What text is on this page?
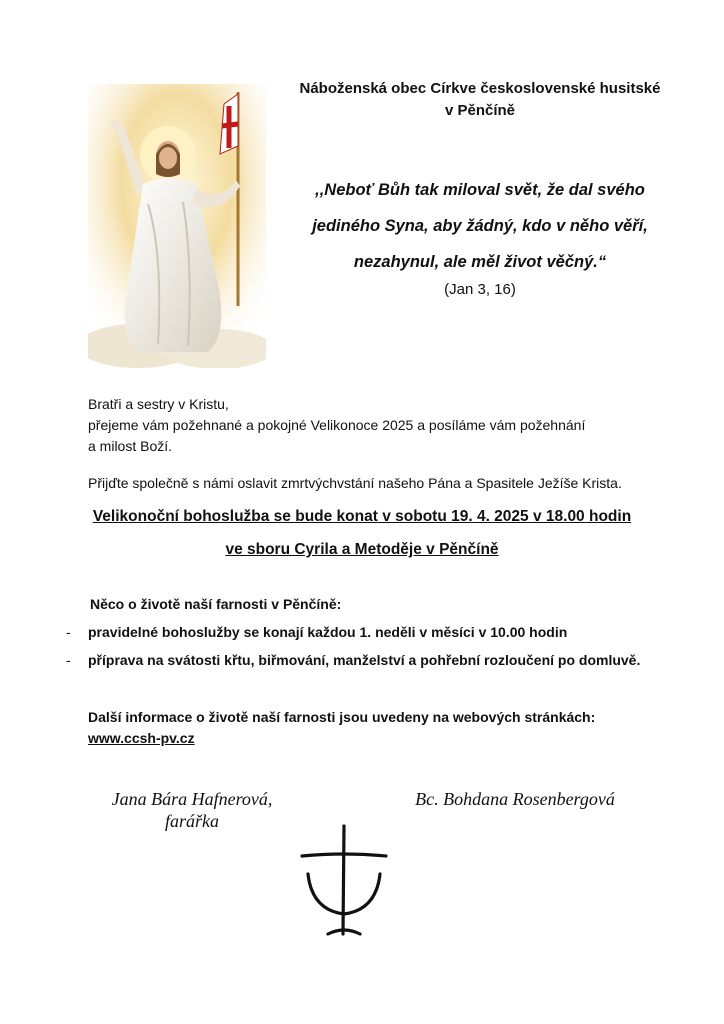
Náboženská obec Církve československé husitské
v Pěnčíně
,,Neboť Bůh tak miloval svět, že dal svého
jediného Syna, aby žádný, kdo v něho věří,
nezahynul, ale měl život věčný.“
(Jan 3, 16)
Bratři a sestry v Kristu,
přejeme vám požehnané a pokojné Velikonoce 2025 a posíláme vám požehnání
a milost Boží.
Přijďte společně s námi oslavit zmrtvýchvstání našeho Pána a Spasitele Ježíše Krista.
Velikonoční bohoslužba se bude konat v sobotu 19. 4. 2025 v 18.00 hodin
ve sboru Cyrila a Metoděje v Pěnčíně
Něco o životě naší farnosti v Pěnčíně:
- pravidelné bohoslužby se konají každou 1. neděli v měsíci v 10.00 hodin
- příprava na svátosti křtu, biřmování, manželství a pohřební rozloučení po domluvě.
Další informace o životě naší farnosti jsou uvedeny na webových stránkách:
www.ccsh-pv.cz
Jana Bára Hafnerová,
farářka
Bc. Bohdana Rosenbergová
